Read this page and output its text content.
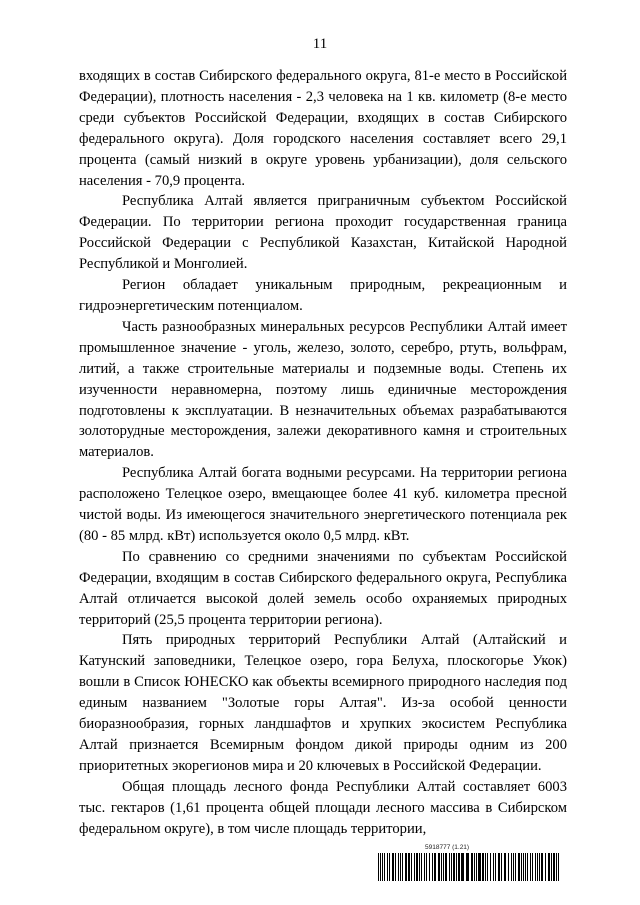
11

входящих в состав Сибирского федерального округа, 81-е место в Российской Федерации), плотность населения - 2,3 человека на 1 кв. километр (8-е место среди субъектов Российской Федерации, входящих в состав Сибирского федерального округа). Доля городского населения составляет всего 29,1 процента (самый низкий в округе уровень урбанизации), доля сельского населения - 70,9 процента.

Республика Алтай является приграничным субъектом Российской Федерации. По территории региона проходит государственная граница Российской Федерации с Республикой Казахстан, Китайской Народной Республикой и Монголией.

Регион обладает уникальным природным, рекреационным и гидроэнергетическим потенциалом.

Часть разнообразных минеральных ресурсов Республики Алтай имеет промышленное значение - уголь, железо, золото, серебро, ртуть, вольфрам, литий, а также строительные материалы и подземные воды. Степень их изученности неравномерна, поэтому лишь единичные месторождения подготовлены к эксплуатации. В незначительных объемах разрабатываются золоторудные месторождения, залежи декоративного камня и строительных материалов.

Республика Алтай богата водными ресурсами. На территории региона расположено Телецкое озеро, вмещающее более 41 куб. километра пресной чистой воды. Из имеющегося значительного энергетического потенциала рек (80 - 85 млрд. кВт) используется около 0,5 млрд. кВт.

По сравнению со средними значениями по субъектам Российской Федерации, входящим в состав Сибирского федерального округа, Республика Алтай отличается высокой долей земель особо охраняемых природных территорий (25,5 процента территории региона).

Пять природных территорий Республики Алтай (Алтайский и Катунский заповедники, Телецкое озеро, гора Белуха, плоскогорье Укок) вошли в Список ЮНЕСКО как объекты всемирного природного наследия под единым названием "Золотые горы Алтая". Из-за особой ценности биоразнообразия, горных ландшафтов и хрупких экосистем Республика Алтай признается Всемирным фондом дикой природы одним из 200 приоритетных экорегионов мира и 20 ключевых в Российской Федерации.

Общая площадь лесного фонда Республики Алтай составляет 6003 тыс. гектаров (1,61 процента общей площади лесного массива в Сибирском федеральном округе), в том числе площадь территории,

5918777 (1.21)
